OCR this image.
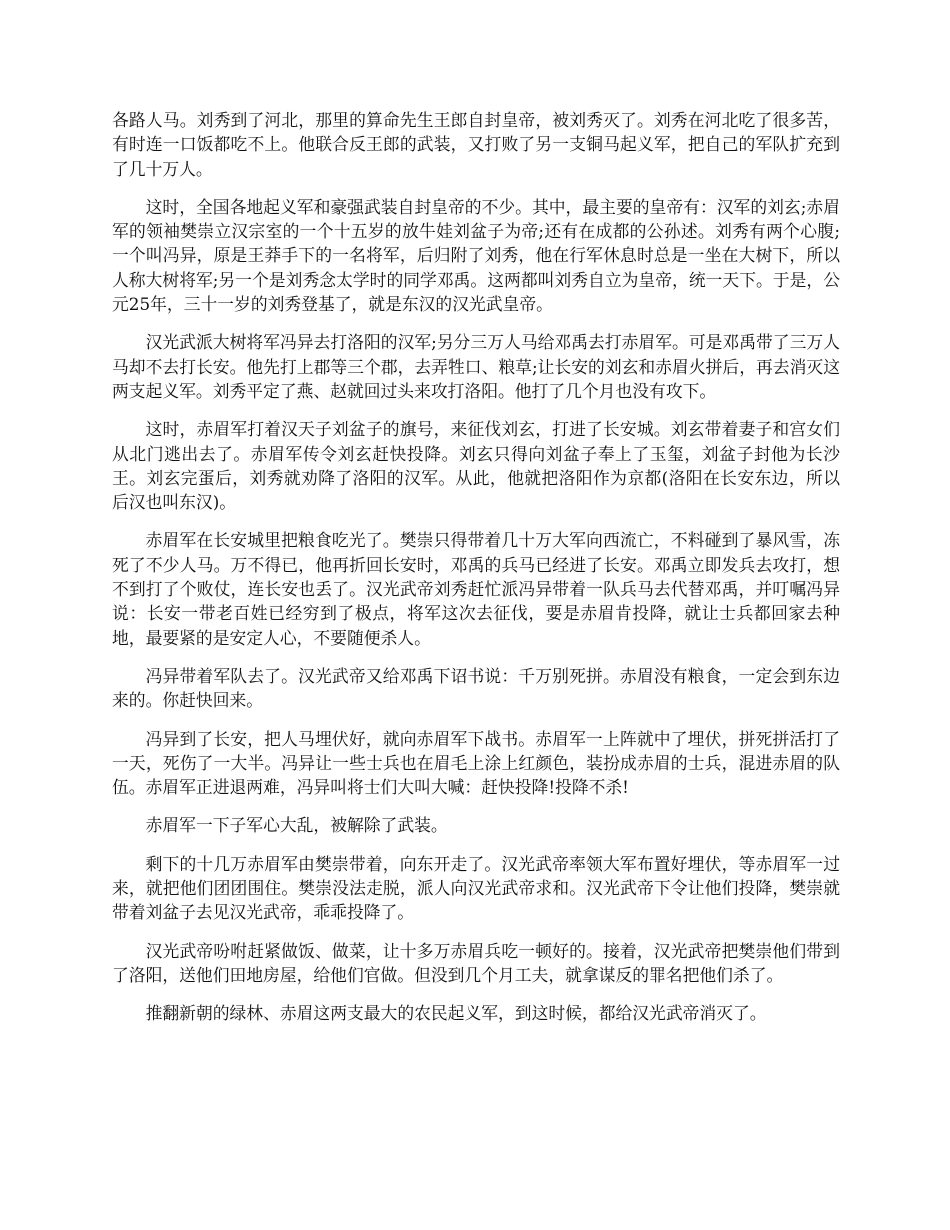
各路人马。刘秀到了河北，那里的算命先生王郎自封皇帝，被刘秀灭了。刘秀在河北吃了很多苦，有时连一口饭都吃不上。他联合反王郎的武装，又打败了另一支铜马起义军，把自己的军队扩充到了几十万人。

这时，全国各地起义军和豪强武装自封皇帝的不少。其中，最主要的皇帝有：汉军的刘玄;赤眉军的领袖樊崇立汉宗室的一个十五岁的放牛娃刘盆子为帝;还有在成都的公孙述。刘秀有两个心腹;一个叫冯异，原是王莽手下的一名将军，后归附了刘秀，他在行军休息时总是一坐在大树下，所以人称大树将军;另一个是刘秀念太学时的同学邓禹。这两都叫刘秀自立为皇帝，统一天下。于是，公元25年，三十一岁的刘秀登基了，就是东汉的汉光武皇帝。

汉光武派大树将军冯异去打洛阳的汉军;另分三万人马给邓禹去打赤眉军。可是邓禹带了三万人马却不去打长安。他先打上郡等三个郡，去弄牲口、粮草;让长安的刘玄和赤眉火拼后，再去消灭这两支起义军。刘秀平定了燕、赵就回过头来攻打洛阳。他打了几个月也没有攻下。

这时，赤眉军打着汉天子刘盆子的旗号，来征伐刘玄，打进了长安城。刘玄带着妻子和宫女们从北门逃出去了。赤眉军传令刘玄赶快投降。刘玄只得向刘盆子奉上了玉玺，刘盆子封他为长沙王。刘玄完蛋后，刘秀就劝降了洛阳的汉军。从此，他就把洛阳作为京都(洛阳在长安东边，所以后汉也叫东汉)。

赤眉军在长安城里把粮食吃光了。樊崇只得带着几十万大军向西流亡，不料碰到了暴风雪，冻死了不少人马。万不得已，他再折回长安时，邓禹的兵马已经进了长安。邓禹立即发兵去攻打，想不到打了个败仗，连长安也丢了。汉光武帝刘秀赶忙派冯异带着一队兵马去代替邓禹，并叮嘱冯异说：长安一带老百姓已经穷到了极点，将军这次去征伐，要是赤眉肯投降，就让士兵都回家去种地，最要紧的是安定人心，不要随便杀人。

冯异带着军队去了。汉光武帝又给邓禹下诏书说：千万别死拼。赤眉没有粮食，一定会到东边来的。你赶快回来。

冯异到了长安，把人马埋伏好，就向赤眉军下战书。赤眉军一上阵就中了埋伏，拼死拼活打了一天，死伤了一大半。冯异让一些士兵也在眉毛上涂上红颜色，装扮成赤眉的士兵，混进赤眉的队伍。赤眉军正进退两难，冯异叫将士们大叫大喊：赶快投降!投降不杀!

赤眉军一下子军心大乱，被解除了武装。

剩下的十几万赤眉军由樊崇带着，向东开走了。汉光武帝率领大军布置好埋伏，等赤眉军一过来，就把他们团团围住。樊崇没法走脱，派人向汉光武帝求和。汉光武帝下令让他们投降，樊崇就带着刘盆子去见汉光武帝，乖乖投降了。

汉光武帝吩咐赶紧做饭、做菜，让十多万赤眉兵吃一顿好的。接着，汉光武帝把樊崇他们带到了洛阳，送他们田地房屋，给他们官做。但没到几个月工夫，就拿谋反的罪名把他们杀了。

推翻新朝的绿林、赤眉这两支最大的农民起义军，到这时候，都给汉光武帝消灭了。
